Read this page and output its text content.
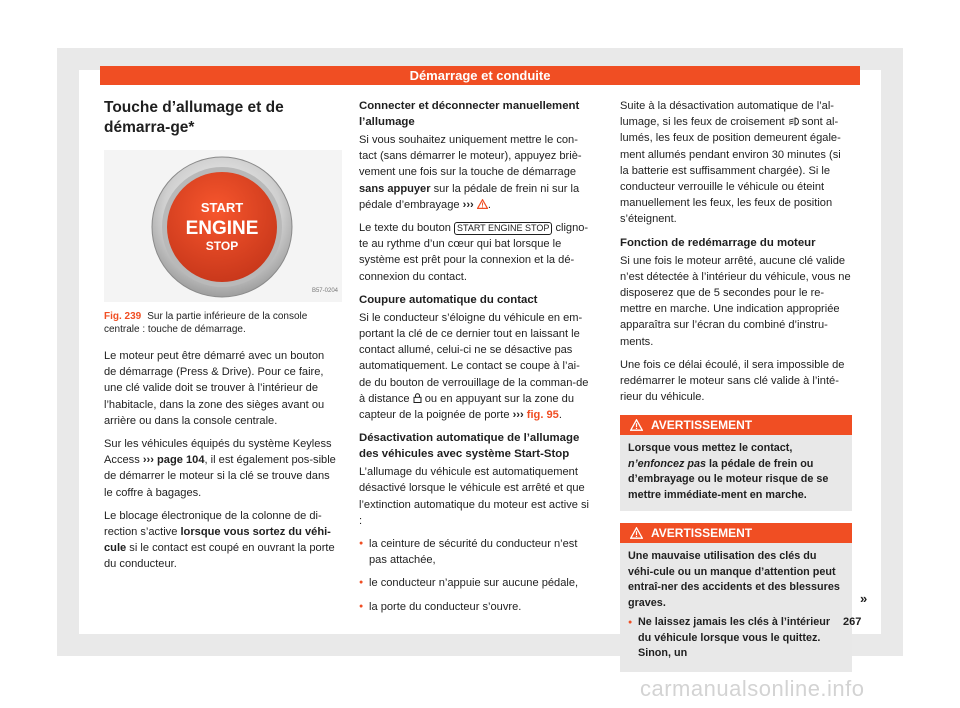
Démarrage et conduite
Touche d’allumage et de démarra-ge*
START
ENGINE
STOP
B57-0204
Fig. 239 Sur la partie inférieure de la console centrale : touche de démarrage.

Le moteur peut être démarré avec un bouton de démarrage (Press & Drive). Pour ce faire, une clé valide doit se trouver à l’intérieur de l’habitacle, dans la zone des sièges avant ou arrière ou dans la console centrale.

Sur les véhicules équipés du système Keyless Access ››› page 104, il est également pos-sible de démarrer le moteur si la clé se trouve dans le coffre à bagages.

Le blocage électronique de la colonne de di-rection s’active lorsque vous sortez du véhi-cule si le contact est coupé en ouvrant la porte du conducteur.

Connecter et déconnecter manuellement l’allumage

Si vous souhaitez uniquement mettre le con-tact (sans démarrer le moteur), appuyez briè-vement une fois sur la touche de démarrage sans appuyer sur la pédale de frein ni sur la pédale d’embrayage ››› .

Le texte du bouton START ENGINE STOP cligno-te au rythme d’un cœur qui bat lorsque le système est prêt pour la connexion et la dé-connexion du contact.

Coupure automatique du contact

Si le conducteur s’éloigne du véhicule en em-portant la clé de ce dernier tout en laissant le contact allumé, celui-ci ne se désactive pas automatiquement. Le contact se coupe à l’ai-de du bouton de verrouillage de la comman-de à distance  ou en appuyant sur la zone du capteur de la poignée de porte ››› fig. 95.

Désactivation automatique de l’allumage des véhicules avec système Start-Stop

L’allumage du véhicule est automatiquement désactivé lorsque le véhicule est arrêté et que l’extinction automatique du moteur est active si :

● la ceinture de sécurité du conducteur n’est pas attachée,
● le conducteur n’appuie sur aucune pédale,
● la porte du conducteur s’ouvre.

Suite à la désactivation automatique de l’al-lumage, si les feux de croisement  sont al-lumés, les feux de position demeurent égale-ment allumés pendant environ 30 minutes (si la batterie est suffisamment chargée). Si le conducteur verrouille le véhicule ou éteint manuellement les feux, les feux de position s’éteignent.

Fonction de redémarrage du moteur

Si une fois le moteur arrêté, aucune clé valide n’est détectée à l’intérieur du véhicule, vous ne disposerez que de 5 secondes pour le re-mettre en marche. Une indication appropriée apparaîtra sur l’écran du combiné d’instru-ments.

Une fois ce délai écoulé, il sera impossible de redémarrer le moteur sans clé valide à l’inté-rieur du véhicule.

AVERTISSEMENT
Lorsque vous mettez le contact, n’enfoncez pas la pédale de frein ou d’embrayage ou le moteur risque de se mettre immédiate-ment en marche.
AVERTISSEMENT
Une mauvaise utilisation des clés du véhi-cule ou un manque d’attention peut entraî-ner des accidents et des blessures graves.
● Ne laissez jamais les clés à l’intérieur du véhicule lorsque vous le quittez. Sinon, un
»
267
carmanualsonline.info
